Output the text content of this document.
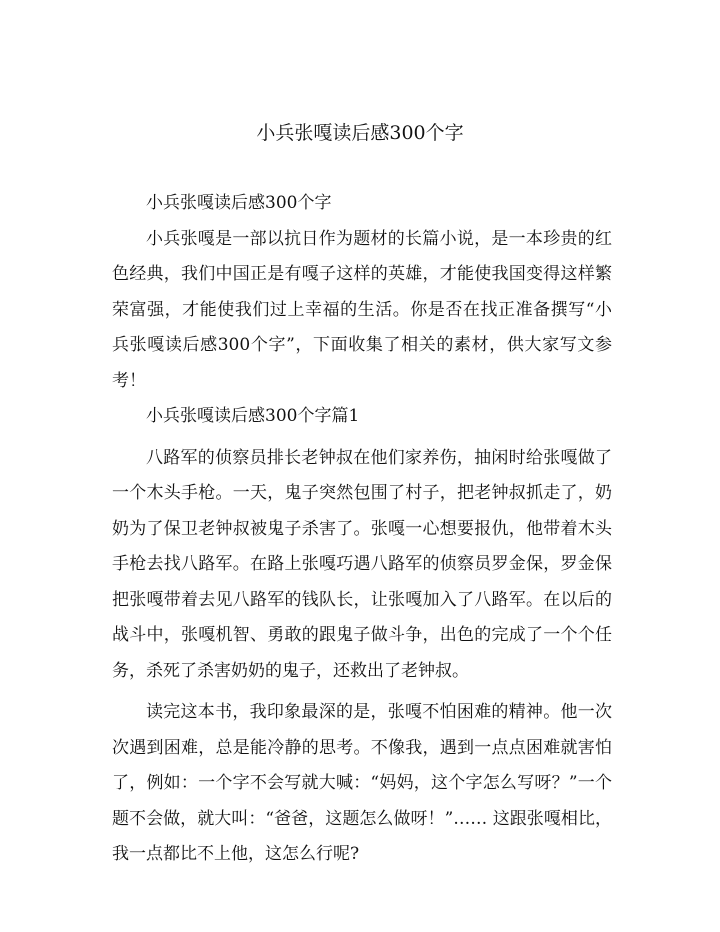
小兵张嘎读后感300个字

小兵张嘎读后感300个字

小兵张嘎是一部以抗日作为题材的长篇小说，是一本珍贵的红色经典，我们中国正是有嘎子这样的英雄，才能使我国变得这样繁荣富强，才能使我们过上幸福的生活。你是否在找正准备撰写“小兵张嘎读后感300个字”，下面收集了相关的素材，供大家写文参考！

小兵张嘎读后感300个字篇1

八路军的侦察员排长老钟叔在他们家养伤，抽闲时给张嘎做了一个木头手枪。一天，鬼子突然包围了村子，把老钟叔抓走了，奶奶为了保卫老钟叔被鬼子杀害了。张嘎一心想要报仇，他带着木头手枪去找八路军。在路上张嘎巧遇八路军的侦察员罗金保，罗金保把张嘎带着去见八路军的钱队长，让张嘎加入了八路军。在以后的战斗中，张嘎机智、勇敢的跟鬼子做斗争，出色的完成了一个个任务，杀死了杀害奶奶的鬼子，还救出了老钟叔。

读完这本书，我印象最深的是，张嘎不怕困难的精神。他一次次遇到困难，总是能冷静的思考。不像我，遇到一点点困难就害怕了，例如：一个字不会写就大喊：“妈妈，这个字怎么写呀？”一个题不会做，就大叫：“爸爸，这题怎么做呀！”…… 这跟张嘎相比，我一点都比不上他，这怎么行呢?
